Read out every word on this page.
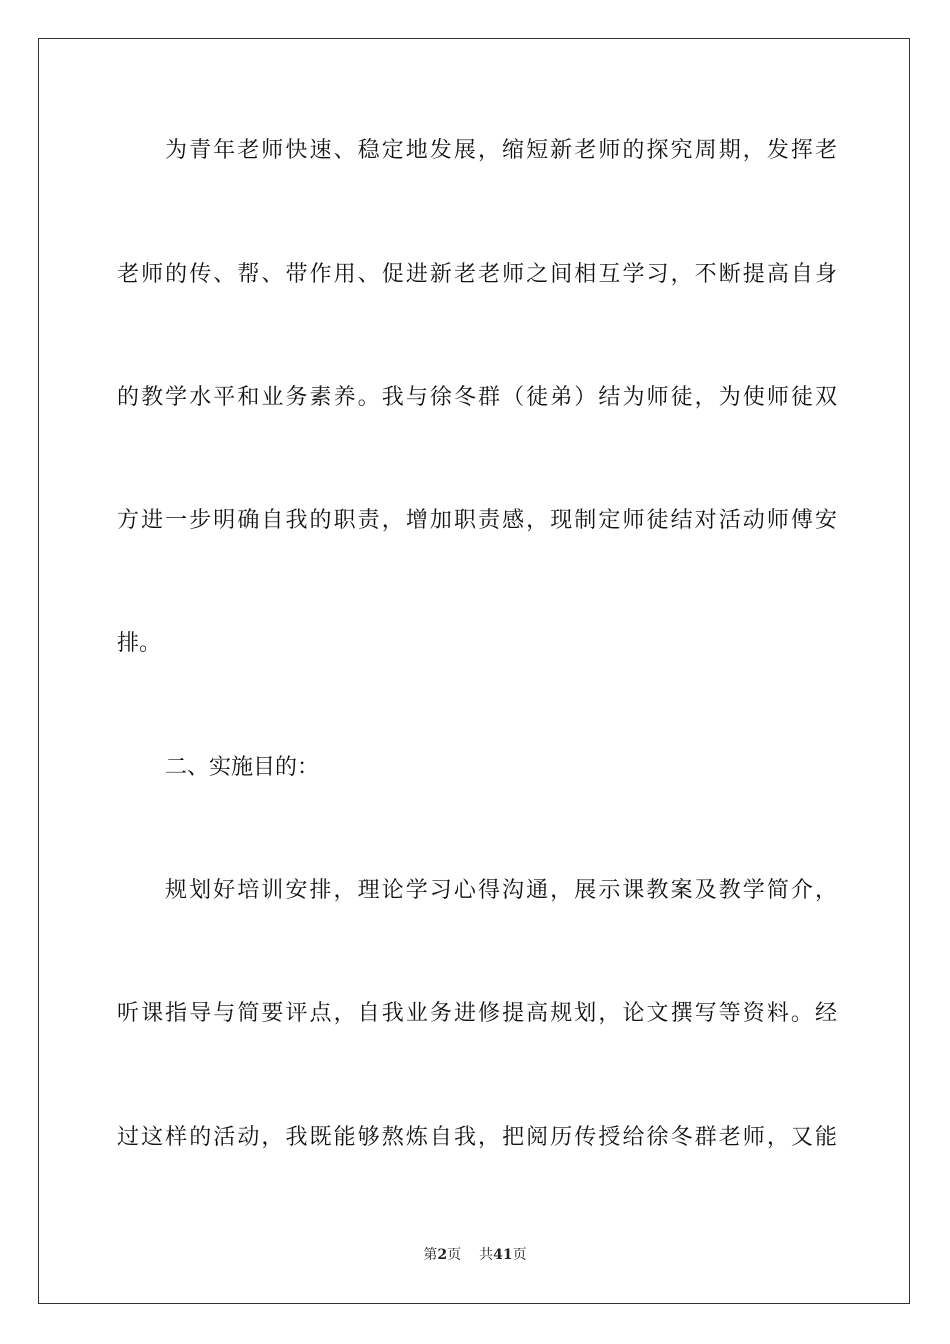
为青年老师快速、稳定地发展，缩短新老师的探究周期，发挥老
老师的传、帮、带作用、促进新老老师之间相互学习，不断提高自身
的教学水平和业务素养。我与徐冬群（徒弟）结为师徒，为使师徒双
方进一步明确自我的职责，增加职责感，现制定师徒结对活动师傅安
排。
二、实施目的：
规划好培训安排，理论学习心得沟通，展示课教案及教学简介，
听课指导与简要评点，自我业务进修提高规划，论文撰写等资料。经
过这样的活动，我既能够熬炼自我，把阅历传授给徐冬群老师，又能
第2页 共41页
